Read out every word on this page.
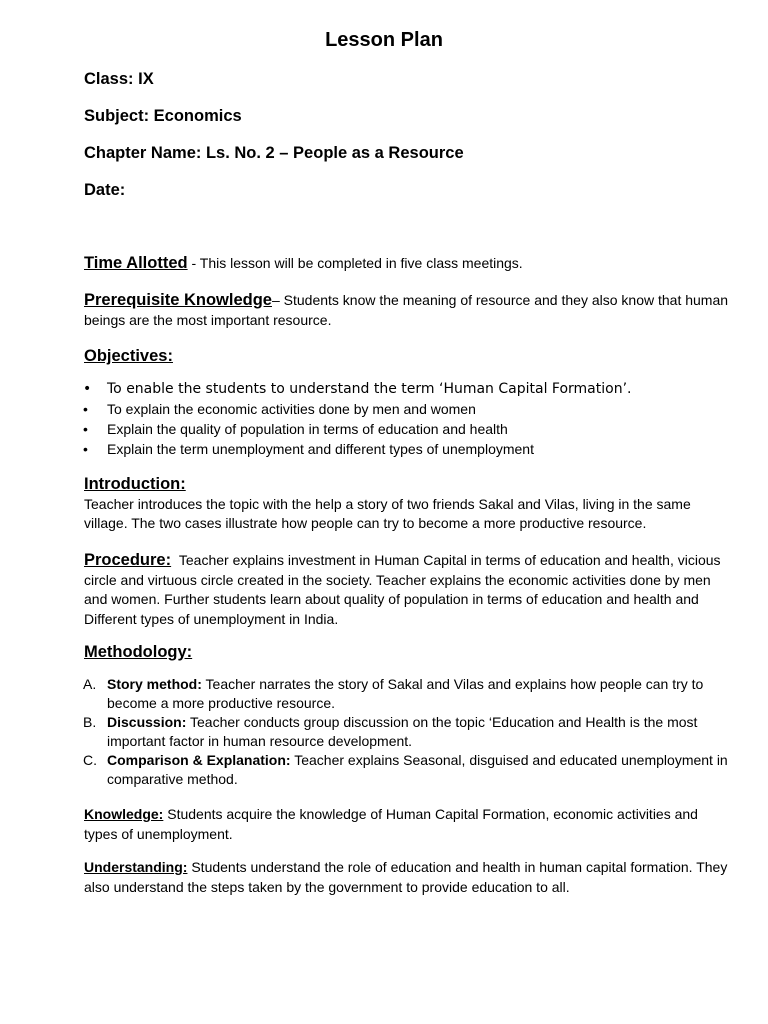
Lesson Plan
Class: IX
Subject: Economics
Chapter Name: Ls. No. 2 – People as a Resource
Date:
Time Allotted - This lesson will be completed in five class meetings.
Prerequisite Knowledge– Students know the meaning of resource and they also know that human beings are the most important resource.
Objectives:
• To enable the students to understand the term ‘Human Capital Formation’.
• To explain the economic activities done by men and women
• Explain the quality of population in terms of education and health
• Explain the term unemployment and different types of unemployment
Introduction:
Teacher introduces the topic with the help a story of two friends Sakal and Vilas, living in the same village. The two cases illustrate how people can try to become a more productive resource.
Procedure: Teacher explains investment in Human Capital in terms of education and health, vicious circle and virtuous circle created in the society. Teacher explains the economic activities done by men and women. Further students learn about quality of population in terms of education and health and Different types of unemployment in India.
Methodology:
A. Story method: Teacher narrates the story of Sakal and Vilas and explains how people can try to become a more productive resource.
B. Discussion: Teacher conducts group discussion on the topic ‘Education and Health is the most important factor in human resource development.
C. Comparison & Explanation: Teacher explains Seasonal, disguised and educated unemployment in comparative method.
Knowledge: Students acquire the knowledge of Human Capital Formation, economic activities and types of unemployment.
Understanding: Students understand the role of education and health in human capital formation. They also understand the steps taken by the government to provide education to all.
